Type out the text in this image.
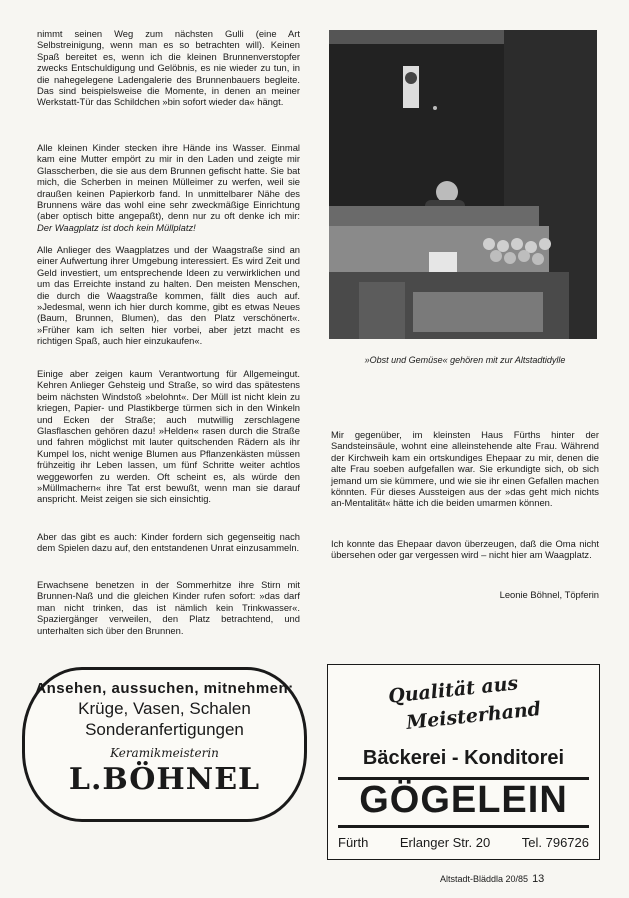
nimmt seinen Weg zum nächsten Gulli (eine Art Selbstreinigung, wenn man es so betrachten will). Keinen Spaß bereitet es, wenn ich die kleinen Brunnenverstopfer zwecks Entschuldigung und Gelöbnis, es nie wieder zu tun, in die nahegelegene Ladengalerie des Brunnenbauers begleite. Das sind beispielsweise die Momente, in denen an meiner Werkstatt-Tür das Schildchen »bin sofort wieder da« hängt.

Alle kleinen Kinder stecken ihre Hände ins Wasser. Einmal kam eine Mutter empört zu mir in den Laden und zeigte mir Glasscherben, die sie aus dem Brunnen gefischt hatte. Sie bat mich, die Scherben in meinen Mülleimer zu werfen, weil sie draußen keinen Papierkorb fand. In unmittelbarer Nähe des Brunnens wäre das wohl eine sehr zweckmäßige Einrichtung (aber optisch bitte angepaßt), denn nur zu oft denke ich mir: Der Waagplatz ist doch kein Müllplatz!

Alle Anlieger des Waagplatzes und der Waagstraße sind an einer Aufwertung ihrer Umgebung interessiert. Es wird Zeit und Geld investiert, um entsprechende Ideen zu verwirklichen und um das Erreichte instand zu halten. Den meisten Menschen, die durch die Waagstraße kommen, fällt dies auch auf. »Jedesmal, wenn ich hier durch komme, gibt es etwas Neues (Baum, Brunnen, Blumen), das den Platz verschönert«. »Früher kam ich selten hier vorbei, aber jetzt macht es richtigen Spaß, auch hier einzukaufen«.

Einige aber zeigen kaum Verantwortung für Allgemeingut. Kehren Anlieger Gehsteig und Straße, so wird das spätestens beim nächsten Windstoß »belohnt«. Der Müll ist nicht klein zu kriegen, Papier- und Plastikberge türmen sich in den Winkeln und Ecken der Straße; auch mutwillig zerschlagene Glasflaschen gehören dazu! »Helden« rasen durch die Straße und fahren möglichst mit lauter quitschenden Rädern als ihr Kumpel los, nicht wenige Blumen aus Pflanzenkästen müssen frühzeitig ihr Leben lassen, um fünf Schritte weiter achtlos weggeworfen zu werden. Oft scheint es, als würde den »Müllmachern« ihre Tat erst bewußt, wenn man sie darauf anspricht. Meist zeigen sie sich einsichtig.

Aber das gibt es auch: Kinder fordern sich gegenseitig nach dem Spielen dazu auf, den entstandenen Unrat einzusammeln.

Erwachsene benetzen in der Sommerhitze ihre Stirn mit Brunnen-Naß und die gleichen Kinder rufen sofort: »das darf man nicht trinken, das ist nämlich kein Trinkwasser«. Spaziergänger verweilen, den Platz betrachtend, und unterhalten sich über den Brunnen.

»Obst und Gemüse« gehören mit zur Altstadtidylle

Mir gegenüber, im kleinsten Haus Fürths hinter der Sandsteinsäule, wohnt eine alleinstehende alte Frau. Während der Kirchweih kam ein ortskundiges Ehepaar zu mir, denen die alte Frau soeben aufgefallen war. Sie erkundigte sich, ob sich jemand um sie kümmere, und wie sie ihr einen Gefallen machen könnten. Für dieses Aussteigen aus der »das geht mich nichts an-Mentalität« hätte ich die beiden umarmen können.

Ich konnte das Ehepaar davon überzeugen, daß die Oma nicht übersehen oder gar vergessen wird – nicht hier am Waagplatz.

Leonie Böhnel, Töpferin

Ansehen, aussuchen, mitnehmen:
Krüge, Vasen, Schalen
Sonderanfertigungen
Keramikmeisterin
L.BÖHNEL
Qualität aus
Meisterhand
Bäckerei - Konditorei
GÖGELEIN
Fürth Erlanger Str. 20 Tel. 796726
Altstadt-Bläddla 20/85 13
